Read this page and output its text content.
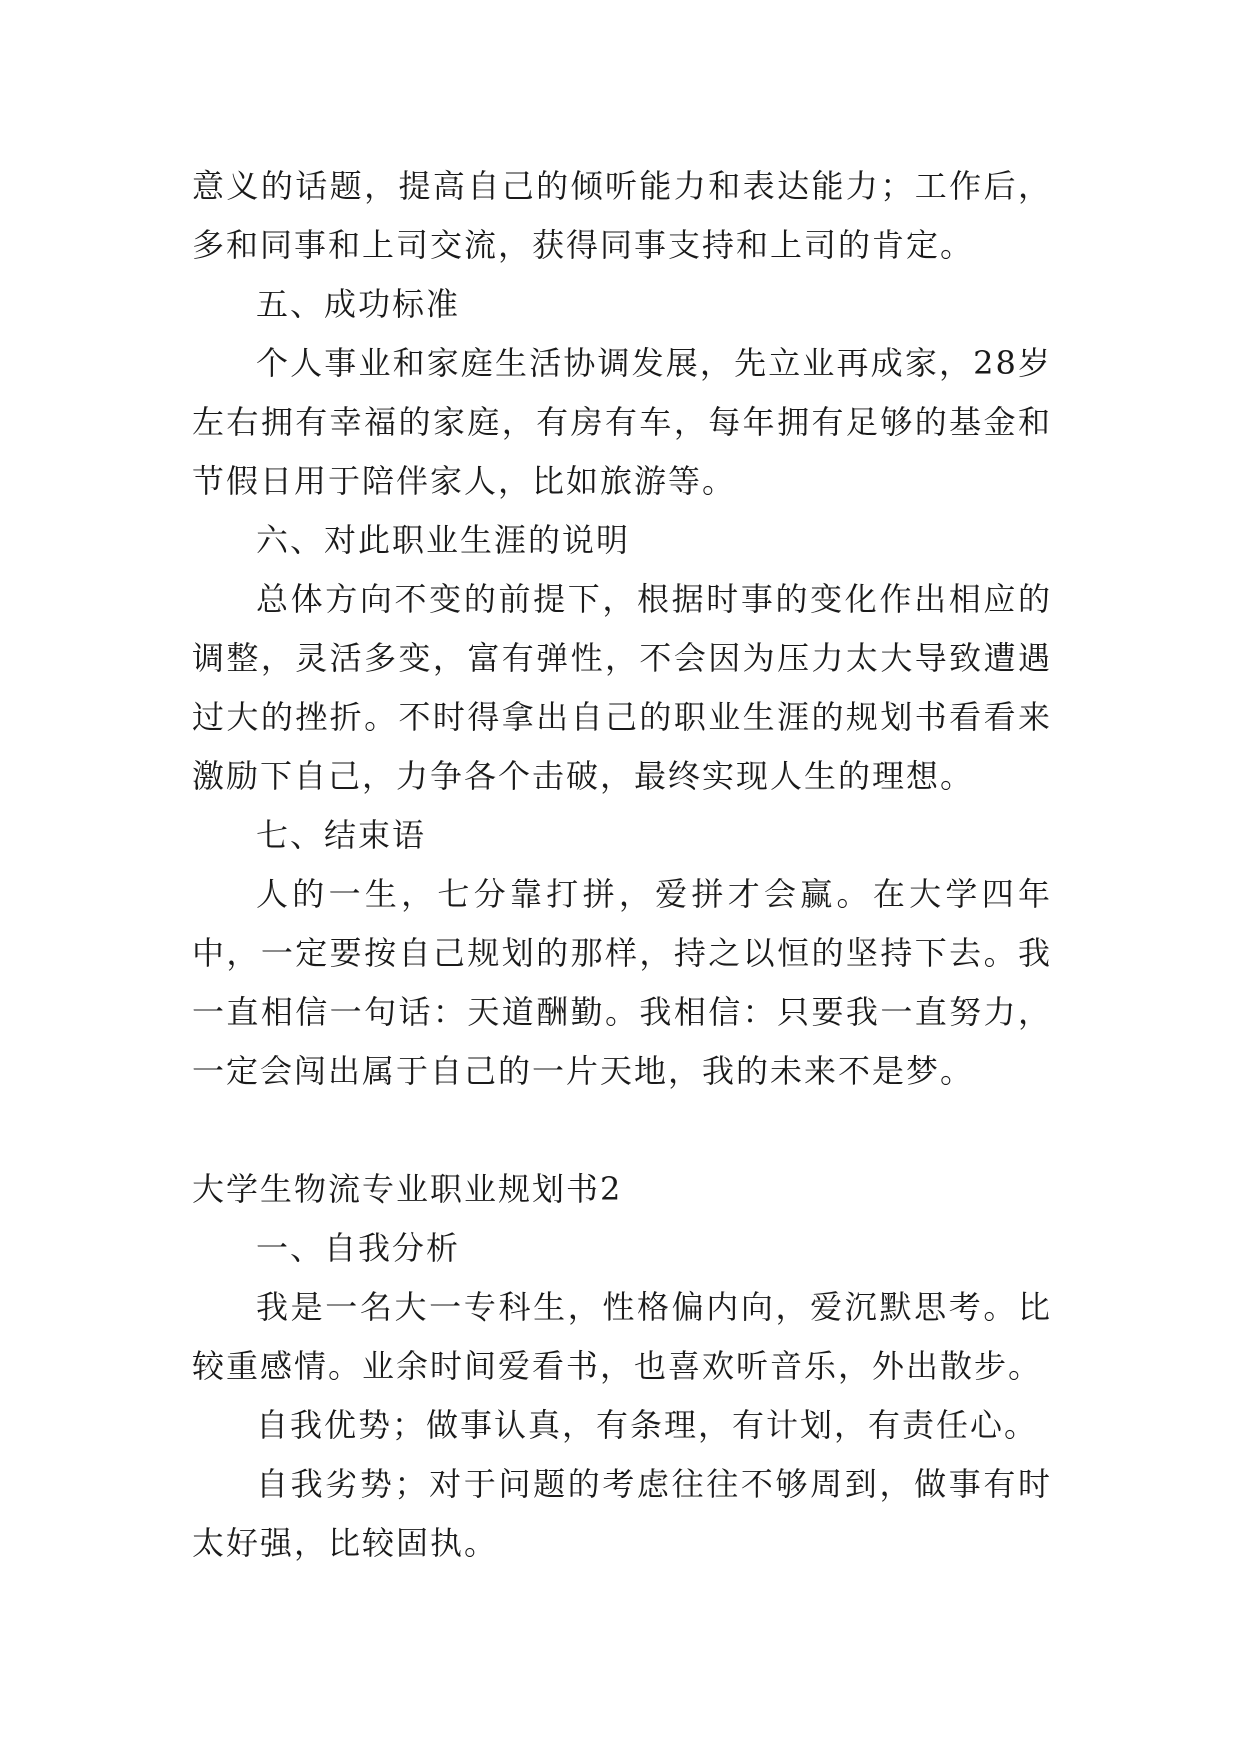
意义的话题，提高自己的倾听能力和表达能力；工作后，多和同事和上司交流，获得同事支持和上司的肯定。

五、成功标准

个人事业和家庭生活协调发展，先立业再成家，28岁左右拥有幸福的家庭，有房有车，每年拥有足够的基金和节假日用于陪伴家人，比如旅游等。

六、对此职业生涯的说明

总体方向不变的前提下，根据时事的变化作出相应的调整，灵活多变，富有弹性，不会因为压力太大导致遭遇过大的挫折。不时得拿出自己的职业生涯的规划书看看来激励下自己，力争各个击破，最终实现人生的理想。

七、结束语

人的一生，七分靠打拼，爱拼才会赢。在大学四年中，一定要按自己规划的那样，持之以恒的坚持下去。我一直相信一句话：天道酬勤。我相信：只要我一直努力，一定会闯出属于自己的一片天地，我的未来不是梦。

大学生物流专业职业规划书2

一、自我分析

我是一名大一专科生，性格偏内向，爱沉默思考。比较重感情。业余时间爱看书，也喜欢听音乐，外出散步。

自我优势；做事认真，有条理，有计划，有责任心。

自我劣势；对于问题的考虑往往不够周到，做事有时太好强，比较固执。
